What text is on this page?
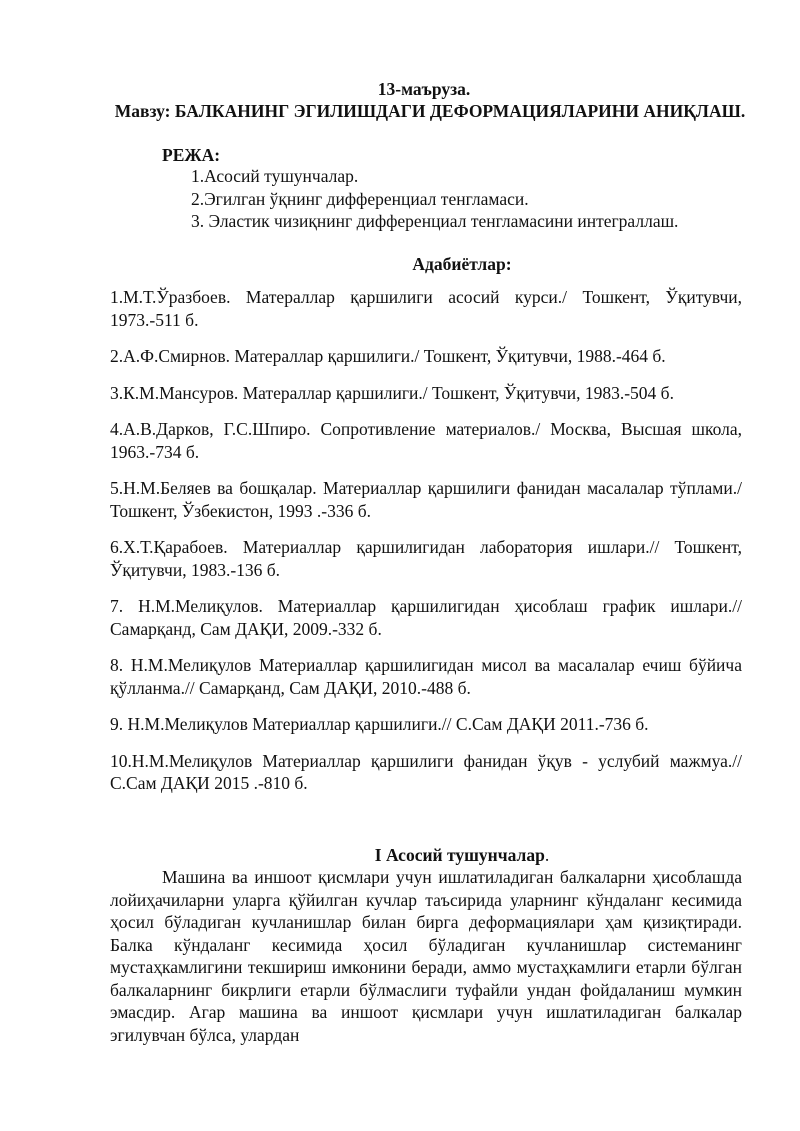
13-маъруза.
Мавзу: БАЛКАНИНГ ЭГИЛИШДАГИ ДЕФОРМАЦИЯЛАРИНИ АНИҚЛАШ.
РЕЖА:
1.Асосий тушунчалар.
2.Эгилган ўқнинг дифференциал тенгламаси.
3. Эластик чизиқнинг дифференциал тенгламасини интеграллаш.
Адабиётлар:

1.М.Т.Ўразбоев. Матераллар қаршилиги асосий курси./ Тошкент, Ўқитувчи, 1973.-511 б.

2.А.Ф.Смирнов. Матераллар қаршилиги./ Тошкент, Ўқитувчи, 1988.-464 б.

3.К.М.Мансуров. Матераллар қаршилиги./ Тошкент, Ўқитувчи, 1983.-504 б.

4.А.В.Дарков, Г.С.Шпиро. Сопротивление материалов./ Москва, Высшая школа, 1963.-734 б.

5.Н.М.Беляев ва бошқалар. Материаллар қаршилиги фанидан масалалар тўплами./ Тошкент, Ўзбекистон, 1993 .-336 б.

6.Х.Т.Қарабоев. Материаллар қаршилигидан лаборатория ишлари.// Тошкент, Ўқитувчи, 1983.-136 б.

7. Н.М.Мелиқулов. Материаллар қаршилигидан ҳисоблаш график ишлари.// Самарқанд, Сам ДАҚИ, 2009.-332 б.

8. Н.М.Мелиқулов Материаллар қаршилигидан мисол ва масалалар ечиш бўйича қўлланма.// Самарқанд, Сам ДАҚИ, 2010.-488 б.

9. Н.М.Мелиқулов Материаллар қаршилиги.// С.Сам ДАҚИ 2011.-736 б.

10.Н.М.Мелиқулов Материаллар қаршилиги фанидан ўқув - услубий мажмуа.// С.Сам ДАҚИ 2015 .-810 б.

I Асосий тушунчалар.

Машина ва иншоот қисмлари учун ишлатиладиган балкаларни ҳисоблашда лойиҳачиларни уларга қўйилган кучлар таъсирида уларнинг кўндаланг кесимида ҳосил бўладиган кучланишлар билан бирга деформациялари ҳам қизиқтиради. Балка кўндаланг кесимида ҳосил бўладиган кучланишлар системанинг мустаҳкамлигини текшириш имконини беради, аммо мустаҳкамлиги етарли бўлган балкаларнинг бикрлиги етарли бўлмаслиги туфайли ундан фойдаланиш мумкин эмасдир. Агар машина ва иншоот қисмлари учун ишлатиладиган балкалар эгилувчан бўлса, улардан
